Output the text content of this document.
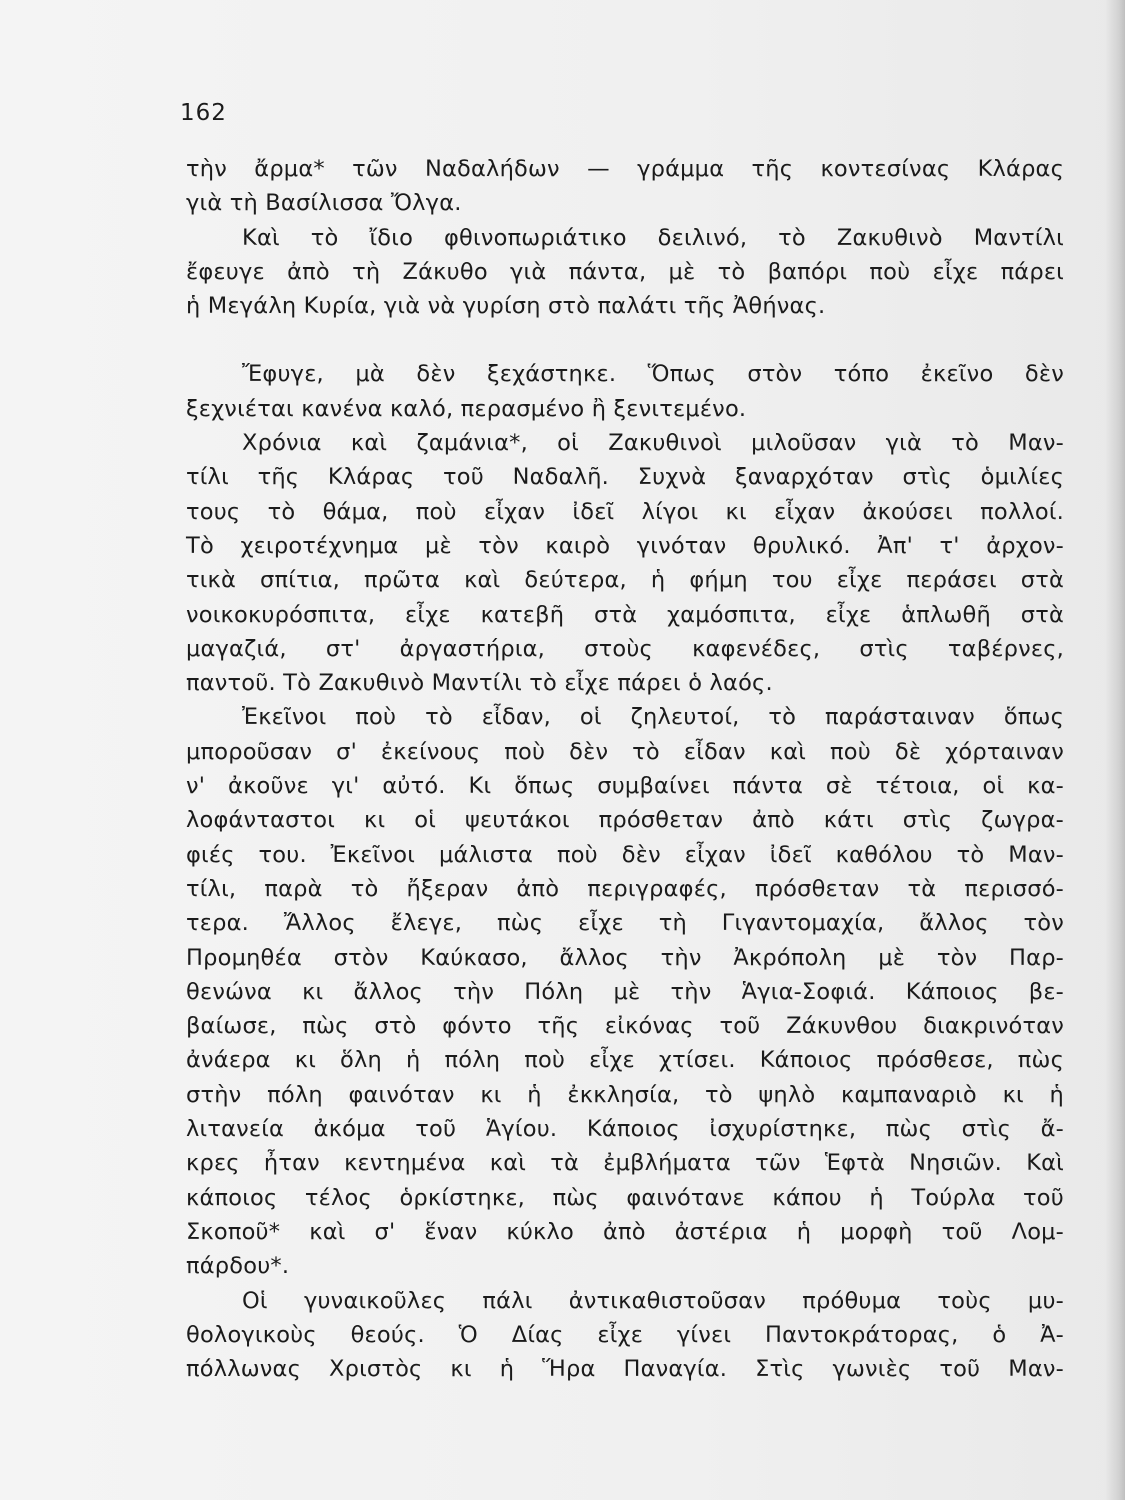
162

τὴν ἄρμα* τῶν Ναδαλήδων — γράμμα τῆς κοντεσίνας Κλάρας
γιὰ τὴ Βασίλισσα Ὄλγα.
Καὶ τὸ ἴδιο φθινοπωριάτικο δειλινό, τὸ Ζακυθινὸ Μαντίλι
ἔφευγε ἀπὸ τὴ Ζάκυθο γιὰ πάντα, μὲ τὸ βαπόρι ποὺ εἶχε πάρει
ἡ Μεγάλη Κυρία, γιὰ νὰ γυρίση στὸ παλάτι τῆς Ἀθήνας.
Ἔφυγε, μὰ δὲν ξεχάστηκε. Ὅπως στὸν τόπο ἐκεῖνο δὲν
ξεχνιέται κανένα καλό, περασμένο ἢ ξενιτεμένο.
Χρόνια καὶ ζαμάνια*, οἱ Ζακυθινοὶ μιλοῦσαν γιὰ τὸ Μαν-
τίλι τῆς Κλάρας τοῦ Ναδαλῆ. Συχνὰ ξαναρχόταν στὶς ὁμιλίες
τους τὸ θάμα, ποὺ εἶχαν ἰδεῖ λίγοι κι εἶχαν ἀκούσει πολλοί.
Τὸ χειροτέχνημα μὲ τὸν καιρὸ γινόταν θρυλικό. Ἀπ' τ' ἀρχον-
τικὰ σπίτια, πρῶτα καὶ δεύτερα, ἡ φήμη του εἶχε περάσει στὰ
νοικοκυρόσπιτα, εἶχε κατεβῆ στὰ χαμόσπιτα, εἶχε ἁπλωθῆ στὰ
μαγαζιά, στ' ἀργαστήρια, στοὺς καφενέδες, στὶς ταβέρνες,
παντοῦ. Τὸ Ζακυθινὸ Μαντίλι τὸ εἶχε πάρει ὁ λαός.
Ἐκεῖνοι ποὺ τὸ εἶδαν, οἱ ζηλευτοί, τὸ παράσταιναν ὅπως
μποροῦσαν σ' ἐκείνους ποὺ δὲν τὸ εἶδαν καὶ ποὺ δὲ χόρταιναν
ν' ἀκοῦνε γι' αὐτό. Κι ὅπως συμβαίνει πάντα σὲ τέτοια, οἱ κα-
λοφάνταστοι κι οἱ ψευτάκοι πρόσθεταν ἀπὸ κάτι στὶς ζωγρα-
φιές του. Ἐκεῖνοι μάλιστα ποὺ δὲν εἶχαν ἰδεῖ καθόλου τὸ Μαν-
τίλι, παρὰ τὸ ἤξεραν ἀπὸ περιγραφές, πρόσθεταν τὰ περισσό-
τερα. Ἄλλος ἔλεγε, πὼς εἶχε τὴ Γιγαντομαχία, ἄλλος τὸν
Προμηθέα στὸν Καύκασο, ἄλλος τὴν Ἀκρόπολη μὲ τὸν Παρ-
θενώνα κι ἄλλος τὴν Πόλη μὲ τὴν Ἁγια-Σοφιά. Κάποιος βε-
βαίωσε, πὼς στὸ φόντο τῆς εἰκόνας τοῦ Ζάκυνθου διακρινόταν
ἀνάερα κι ὅλη ἡ πόλη ποὺ εἶχε χτίσει. Κάποιος πρόσθεσε, πὼς
στὴν πόλη φαινόταν κι ἡ ἐκκλησία, τὸ ψηλὸ καμπαναριὸ κι ἡ
λιτανεία ἀκόμα τοῦ Ἁγίου. Κάποιος ἰσχυρίστηκε, πὼς στὶς ἄ-
κρες ἦταν κεντημένα καὶ τὰ ἐμβλήματα τῶν Ἑφτὰ Νησιῶν. Καὶ
κάποιος τέλος ὁρκίστηκε, πὼς φαινότανε κάπου ἡ Τούρλα τοῦ
Σκοποῦ* καὶ σ' ἕναν κύκλο ἀπὸ ἀστέρια ἡ μορφὴ τοῦ Λομ-
πάρδου*.
Οἱ γυναικοῦλες πάλι ἀντικαθιστοῦσαν πρόθυμα τοὺς μυ-
θολογικοὺς θεούς. Ὁ Δίας εἶχε γίνει Παντοκράτορας, ὁ Ἀ-
πόλλωνας Χριστὸς κι ἡ Ἥρα Παναγία. Στὶς γωνιὲς τοῦ Μαν-
